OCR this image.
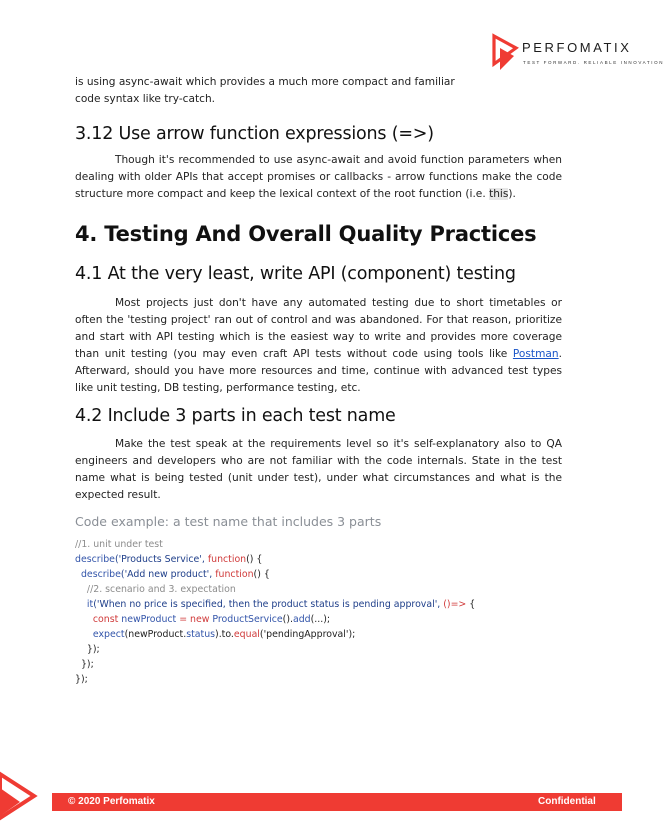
PERFOMATIX
TEST FORWARD. RELIABLE INNOVATION

is using async-await which provides a much more compact and familiar

code syntax like try-catch.

3.12 Use arrow function expressions (=>)

Though it's recommended to use async-await and avoid function parameters when dealing with older APIs that accept promises or callbacks - arrow functions make the code structure more compact and keep the lexical context of the root function (i.e. this).

4. Testing And Overall Quality Practices
4.1 At the very least, write API (component) testing

Most projects just don't have any automated testing due to short timetables or often the 'testing project' ran out of control and was abandoned. For that reason, prioritize and start with API testing which is the easiest way to write and provides more coverage than unit testing (you may even craft API tests without code using tools like Postman. Afterward, should you have more resources and time, continue with advanced test types like unit testing, DB testing, performance testing, etc.

4.2 Include 3 parts in each test name

Make the test speak at the requirements level so it's self-explanatory also to QA engineers and developers who are not familiar with the code internals. State in the test name what is being tested (unit under test), under what circumstances and what is the expected result.

Code example: a test name that includes 3 parts
//1. unit under test
describe('Products Service', function() {
describe('Add new product', function() {
//2. scenario and 3. expectation
it('When no price is specified, then the product status is pending approval', ()=> {
const newProduct = new ProductService().add(...);
expect(newProduct.status).to.equal('pendingApproval');
});
});
});
© 2020 Perfomatix	Confidential
